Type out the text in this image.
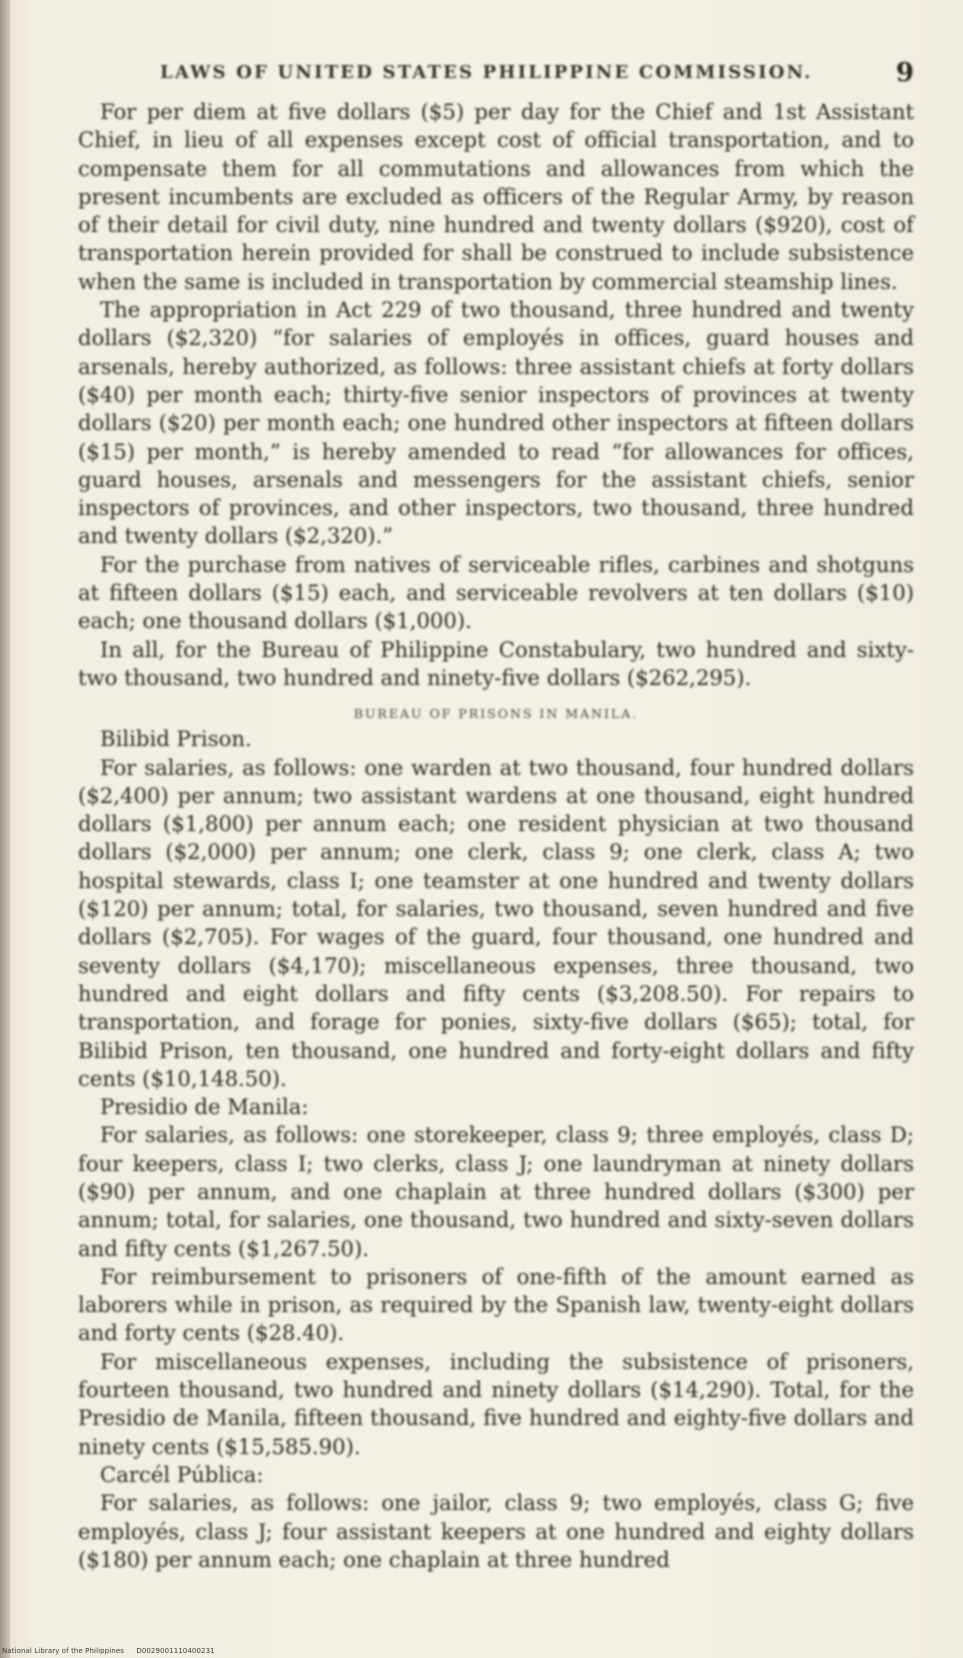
LAWS OF UNITED STATES PHILIPPINE COMMISSION.	9

For per diem at five dollars ($5) per day for the Chief and 1st Assistant Chief, in lieu of all expenses except cost of official transportation, and to compensate them for all commutations and allowances from which the present incumbents are excluded as officers of the Regular Army, by reason of their detail for civil duty, nine hundred and twenty dollars ($920), cost of transportation herein provided for shall be construed to include subsistence when the same is included in transportation by commercial steamship lines.

The appropriation in Act 229 of two thousand, three hundred and twenty dollars ($2,320) “for salaries of employés in offices, guard houses and arsenals, hereby authorized, as follows: three assistant chiefs at forty dollars ($40) per month each; thirty-five senior inspectors of provinces at twenty dollars ($20) per month each; one hundred other inspectors at fifteen dollars ($15) per month,” is hereby amended to read “for allowances for offices, guard houses, arsenals and messengers for the assistant chiefs, senior inspectors of provinces, and other inspectors, two thousand, three hundred and twenty dollars ($2,320).”

For the purchase from natives of serviceable rifles, carbines and shotguns at fifteen dollars ($15) each, and serviceable revolvers at ten dollars ($10) each; one thousand dollars ($1,000).

In all, for the Bureau of Philippine Constabulary, two hundred and sixty-two thousand, two hundred and ninety-five dollars ($262,295).

BUREAU OF PRISONS IN MANILA.

Bilibid Prison.

For salaries, as follows: one warden at two thousand, four hundred dollars ($2,400) per annum; two assistant wardens at one thousand, eight hundred dollars ($1,800) per annum each; one resident physician at two thousand dollars ($2,000) per annum; one clerk, class 9; one clerk, class A; two hospital stewards, class I; one teamster at one hundred and twenty dollars ($120) per annum; total, for salaries, two thousand, seven hundred and five dollars ($2,705). For wages of the guard, four thousand, one hundred and seventy dollars ($4,170); miscellaneous expenses, three thousand, two hundred and eight dollars and fifty cents ($3,208.50). For repairs to transportation, and forage for ponies, sixty-five dollars ($65); total, for Bilibid Prison, ten thousand, one hundred and forty-eight dollars and fifty cents ($10,148.50).

Presidio de Manila:

For salaries, as follows: one storekeeper, class 9; three employés, class D; four keepers, class I; two clerks, class J; one laundryman at ninety dollars ($90) per annum, and one chaplain at three hundred dollars ($300) per annum; total, for salaries, one thousand, two hundred and sixty-seven dollars and fifty cents ($1,267.50).

For reimbursement to prisoners of one-fifth of the amount earned as laborers while in prison, as required by the Spanish law, twenty-eight dollars and forty cents ($28.40).

For miscellaneous expenses, including the subsistence of prisoners, fourteen thousand, two hundred and ninety dollars ($14,290). Total, for the Presidio de Manila, fifteen thousand, five hundred and eighty-five dollars and ninety cents ($15,585.90).

Carcél Pública:

For salaries, as follows: one jailor, class 9; two employés, class G; five employés, class J; four assistant keepers at one hundred and eighty dollars ($180) per annum each; one chaplain at three hundred

National Library of the Philippines D0029001110400231
